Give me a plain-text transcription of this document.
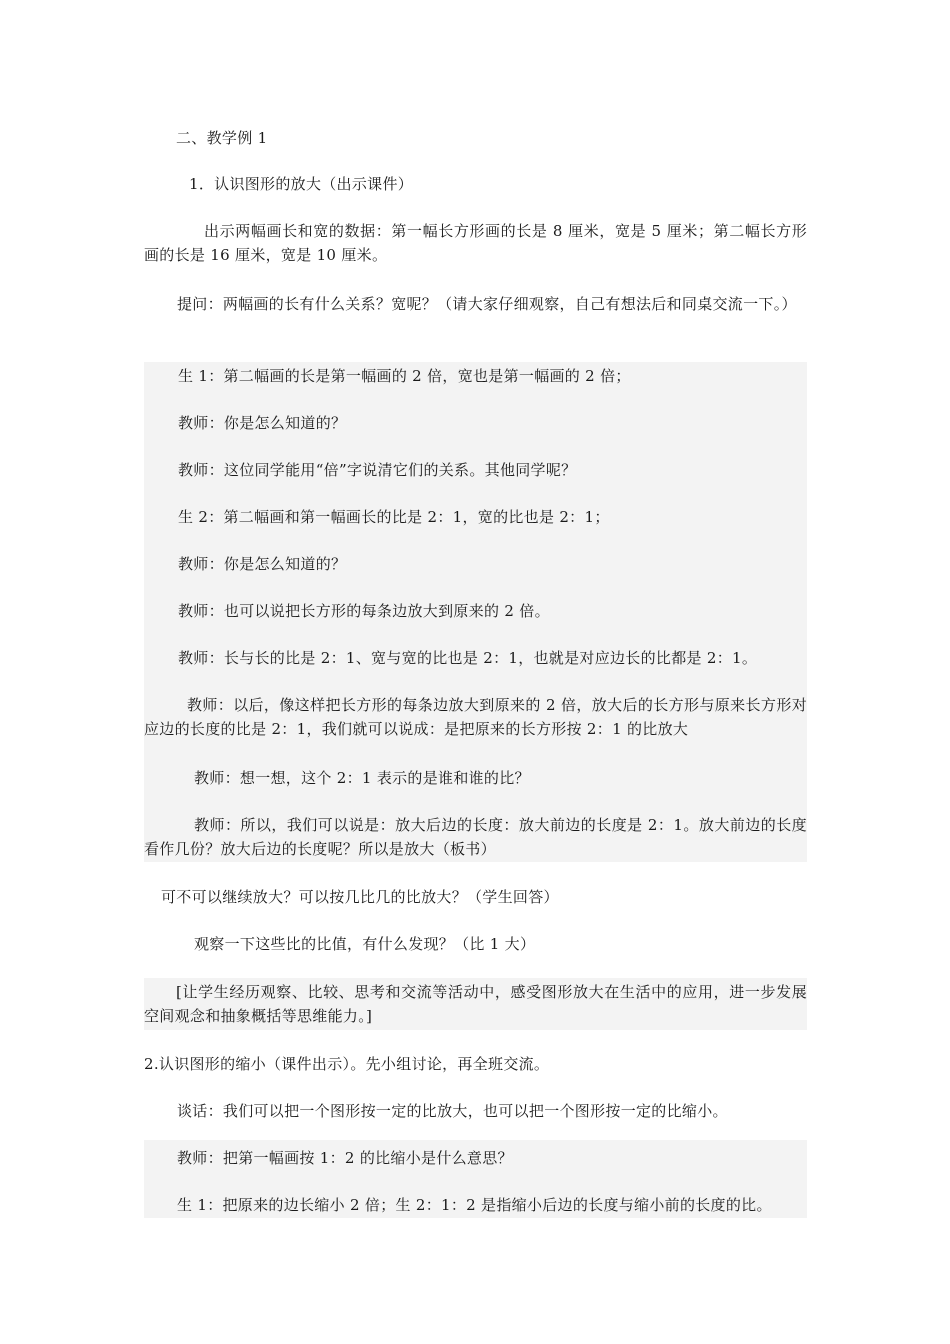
二、教学例 1
1．认识图形的放大（出示课件）
出示两幅画长和宽的数据：第一幅长方形画的长是 8 厘米，宽是 5 厘米；第二幅长方形画的长是 16 厘米，宽是 10 厘米。
提问：两幅画的长有什么关系？宽呢？（请大家仔细观察，自己有想法后和同桌交流一下。）
生 1：第二幅画的长是第一幅画的 2 倍，宽也是第一幅画的 2 倍；
教师：你是怎么知道的？
教师：这位同学能用“倍”字说清它们的关系。其他同学呢？
生 2：第二幅画和第一幅画长的比是 2：1，宽的比也是 2：1；
教师：你是怎么知道的？
教师：也可以说把长方形的每条边放大到原来的 2 倍。
教师：长与长的比是 2：1、宽与宽的比也是 2：1，也就是对应边长的比都是 2：1。
教师：以后，像这样把长方形的每条边放大到原来的 2 倍，放大后的长方形与原来长方形对应边的长度的比是 2：1，我们就可以说成：是把原来的长方形按 2：1 的比放大
教师：想一想，这个 2：1 表示的是谁和谁的比？
教师：所以，我们可以说是：放大后边的长度：放大前边的长度是 2：1。放大前边的长度看作几份？放大后边的长度呢？所以是放大（板书）
可不可以继续放大？可以按几比几的比放大？（学生回答）
观察一下这些比的比值，有什么发现？（比 1 大）
[让学生经历观察、比较、思考和交流等活动中，感受图形放大在生活中的应用，进一步发展空间观念和抽象概括等思维能力。]
2.认识图形的缩小（课件出示）。先小组讨论，再全班交流。
谈话：我们可以把一个图形按一定的比放大，也可以把一个图形按一定的比缩小。
教师：把第一幅画按 1：2 的比缩小是什么意思？
生 1：把原来的边长缩小 2 倍；生 2：1：2 是指缩小后边的长度与缩小前的长度的比。
